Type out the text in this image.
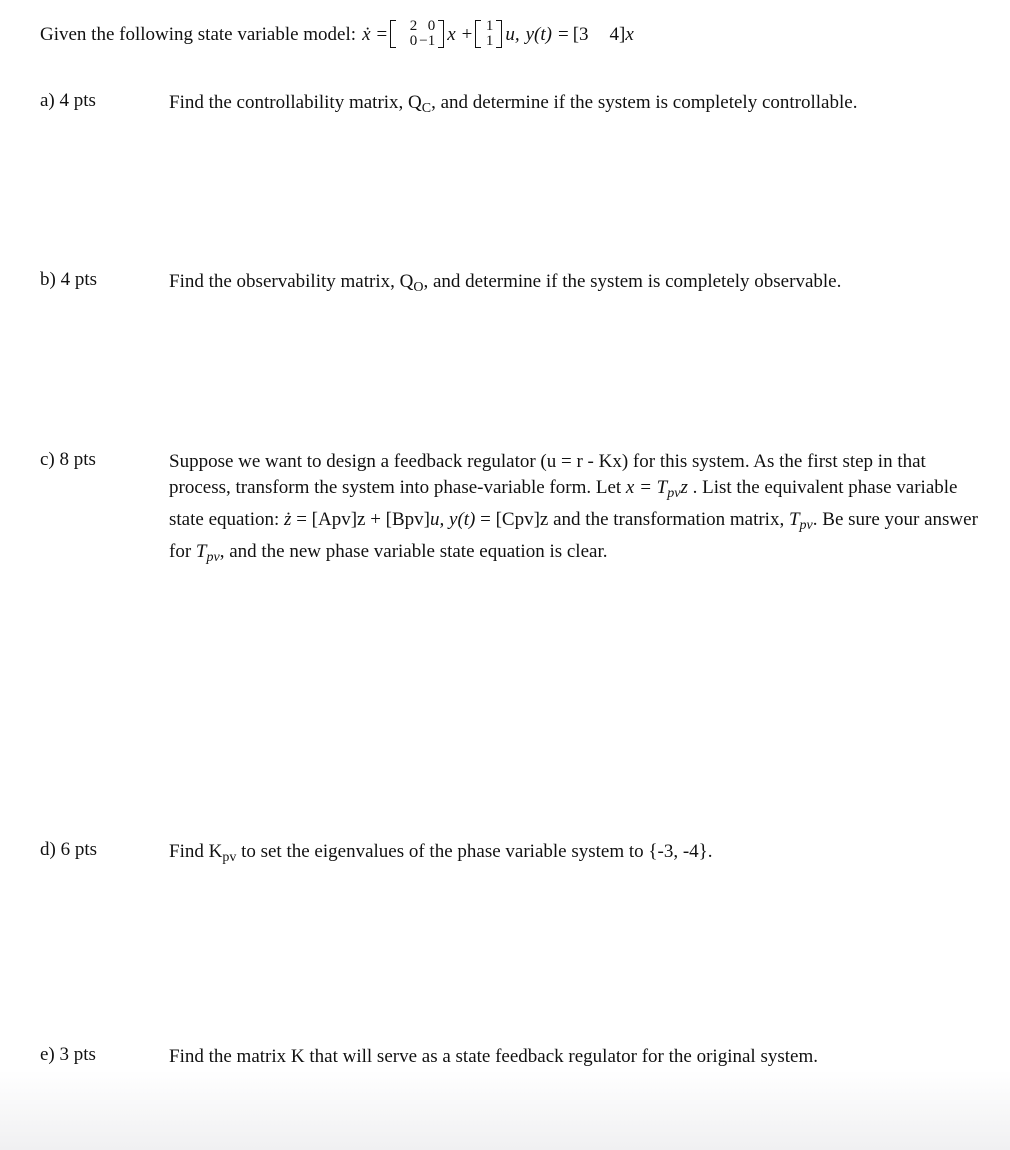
Given the following state variable model: ẋ =	2 0
0 −1 x + 1
1 u, y(t) = [ 3	4 ] x
a) 4 pts	Find the controllability matrix, $Q_C$, and determine if the system is completely controllable.
b) 4 pts	Find the observability matrix, $Q_O$, and determine if the system is completely observable.
c) 8 pts	Suppose we want to design a feedback regulator (u = r - Kx) for this system. As the first step in that process, transform the system into phase-variable form. Let $x = T_{pv}z$ . List the equivalent phase variable state equation: ż = [Apv]z + [Bpv]u, y(t) = [Cpv]z and the transformation matrix, $T_{pv}$. Be sure your answer for $T_{pv}$, and the new phase variable state equation is clear.
d) 6 pts	Find $K_{pv}$ to set the eigenvalues of the phase variable system to {-3, -4}.
e) 3 pts	Find the matrix K that will serve as a state feedback regulator for the original system.
